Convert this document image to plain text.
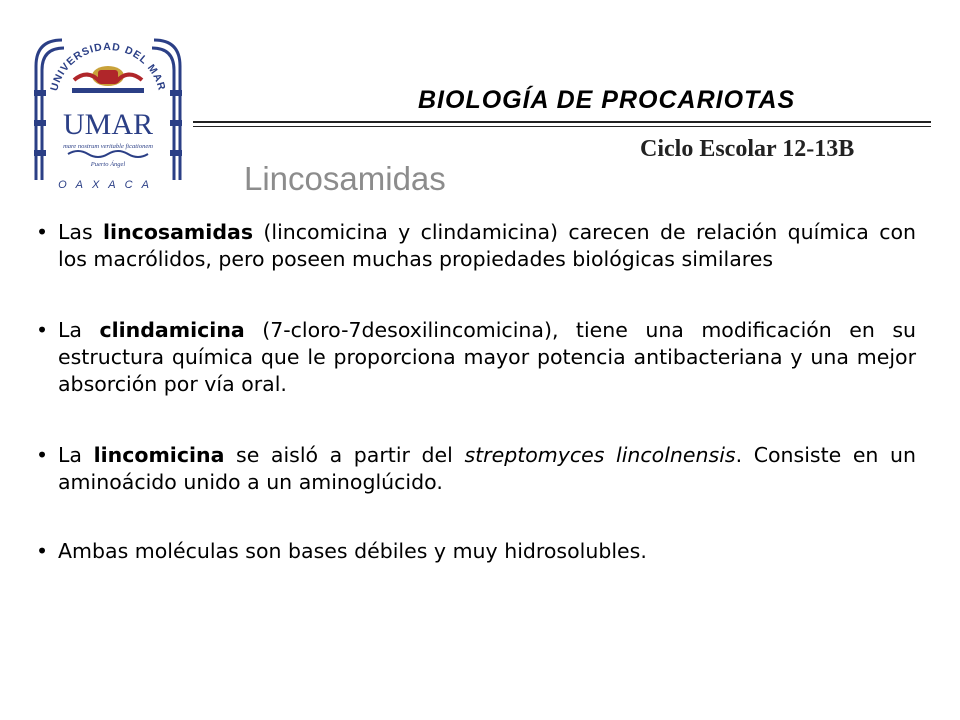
UNIVERSIDAD DEL MAR
UMAR
mare nostrum veritable ficationem
Puerto Ángel
OAXACA
BIOLOGÍA DE PROCARIOTAS
Ciclo Escolar 12-13B
Lincosamidas
• Las lincosamidas (lincomicina y clindamicina) carecen de relación química con los macrólidos, pero poseen muchas propiedades biológicas similares
• La clindamicina (7-cloro-7desoxilincomicina), tiene una modificación en su estructura química que le proporciona mayor potencia antibacteriana y una mejor absorción por vía oral.
• La lincomicina se aisló a partir del streptomyces lincolnensis. Consiste en un aminoácido unido a un aminoglúcido.
• Ambas moléculas son bases débiles y muy hidrosolubles.
